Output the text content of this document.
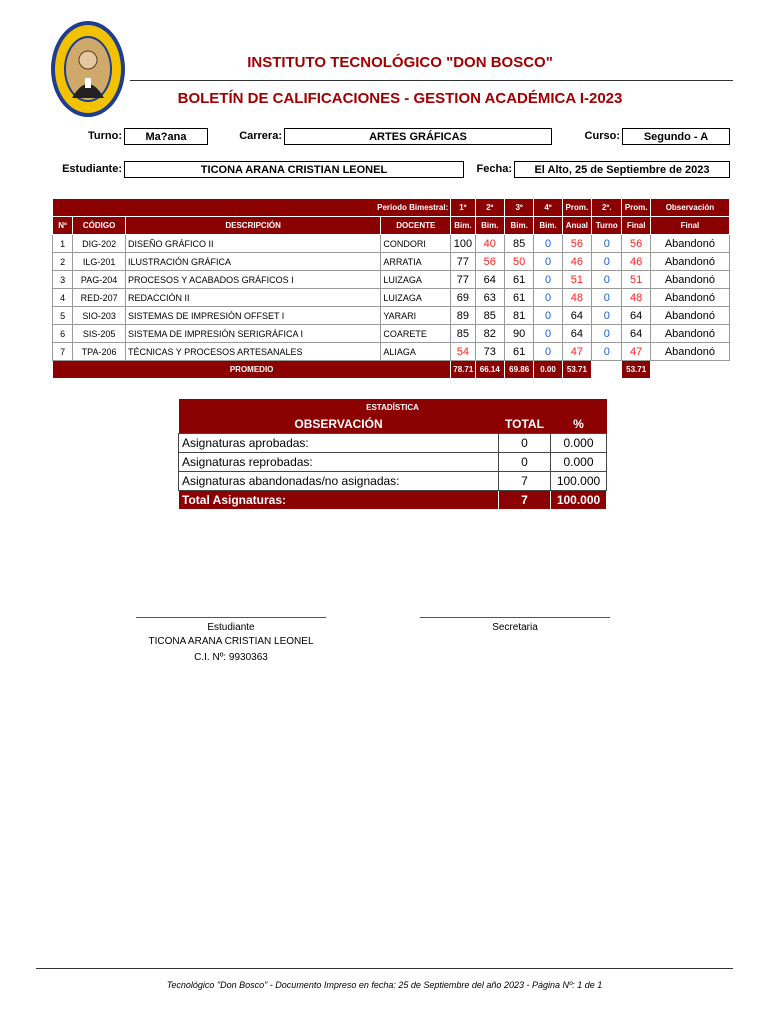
INSTITUTO TECNOLÓGICO "DON BOSCO"
BOLETÍN DE CALIFICACIONES - GESTION ACADÉMICA I-2023
Turno:	Ma?ana	Carrera:	ARTES GRÁFICAS	Curso:	Segundo - A
Estudiante:	TICONA ARANA CRISTIAN LEONEL	Fecha:	El Alto, 25 de Septiembre de 2023
Periodo Bimestral:				1º	2º	3º	4º	Prom.	2º.	Prom.	Observación
Nº	CÓDIGO	DESCRIPCIÓN	DOCENTE	Bim.	Bim.	Bim.	Bim.	Anual	Turno	Final	Final
1	DIG-202	DISEÑO GRÁFICO II	CONDORI	100	40	85	0	56	0	56	Abandonó
2	ILG-201	ILUSTRACIÓN GRÁFICA	ARRATIA	77	56	50	0	46	0	46	Abandonó
3	PAG-204	PROCESOS Y ACABADOS GRÁFICOS I	LUIZAGA	77	64	61	0	51	0	51	Abandonó
4	RED-207	REDACCIÓN II	LUIZAGA	69	63	61	0	48	0	48	Abandonó
5	SIO-203	SISTEMAS DE IMPRESIÓN OFFSET I	YARARI	89	85	81	0	64	0	64	Abandonó
6	SIS-205	SISTEMA DE IMPRESIÓN SERIGRÁFICA I	COARETE	85	82	90	0	64	0	64	Abandonó
7	TPA-206	TÉCNICAS Y PROCESOS ARTESANALES	ALIAGA	54	73	61	0	47	0	47	Abandonó
PROMEDIO				78.71	66.14	69.86	0.00	53.71		53.71	
ESTADÍSTICA		
OBSERVACIÓN	TOTAL	%
Asignaturas aprobadas:	0	0.000
Asignaturas reprobadas:	0	0.000
Asignaturas abandonadas/no asignadas:	7	100.000
Total Asignaturas:	7	100.000
Estudiante
TICONA ARANA CRISTIAN LEONEL
C.I. Nº: 9930363
Secretaria
Tecnológico "Don Bosco" - Documento Impreso en fecha: 25 de Septiembre del año 2023 - Página Nº: 1 de 1
